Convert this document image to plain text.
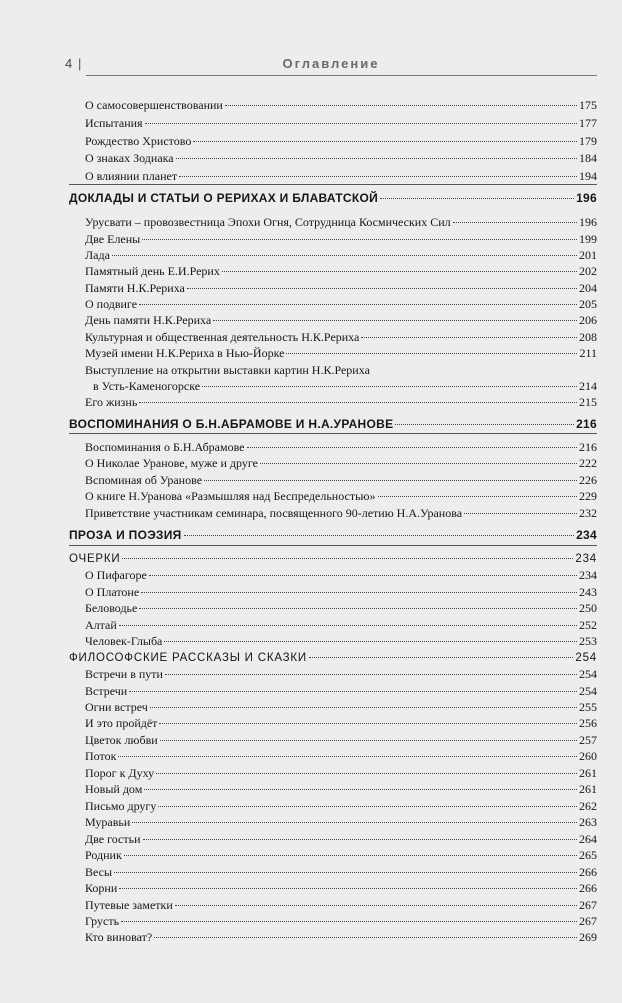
4 |	Оглавление
О самосовершенствовании	175
Испытания	177
Рождество Христово	179
О знаках Зодиака	184
О влиянии планет	194
ДОКЛАДЫ И СТАТЬИ О РЕРИХАХ И БЛАВАТСКОЙ	196
Урусвати – провозвестница Эпохи Огня, Сотрудница Космических Сил	196
Две Елены	199
Лада	201
Памятный день Е.И.Рерих	202
Памяти Н.К.Рериха	204
О подвиге	205
День памяти Н.К.Рериха	206
Культурная и общественная деятельность Н.К.Рериха	208
Музей имени Н.К.Рериха в Нью-Йорке	211
Выступление на открытии выставки картин Н.К.Рериха
в Усть-Каменогорске	214
Его жизнь	215
ВОСПОМИНАНИЯ О Б.Н.АБРАМОВЕ И Н.А.УРАНОВЕ	216
Воспоминания о Б.Н.Абрамове	216
О Николае Уранове, муже и друге	222
Вспоминая об Уранове	226
О книге Н.Уранова «Размышляя над Беспредельностью»	229
Приветствие участникам семинара, посвященного 90-летию Н.А.Уранова	232
ПРОЗА И ПОЭЗИЯ	234
ОЧЕРКИ	234
О Пифагоре	234
О Платоне	243
Беловодье	250
Алтай	252
Человек-Глыба	253
ФИЛОСОФСКИЕ РАССКАЗЫ И СКАЗКИ	254
Встречи в пути	254
Встречи	254
Огни встреч	255
И это пройдёт	256
Цветок любви	257
Поток	260
Порог к Духу	261
Новый дом	261
Письмо другу	262
Муравьи	263
Две гостьи	264
Родник	265
Весы	266
Корни	266
Путевые заметки	267
Грусть	267
Кто виноват?	269
